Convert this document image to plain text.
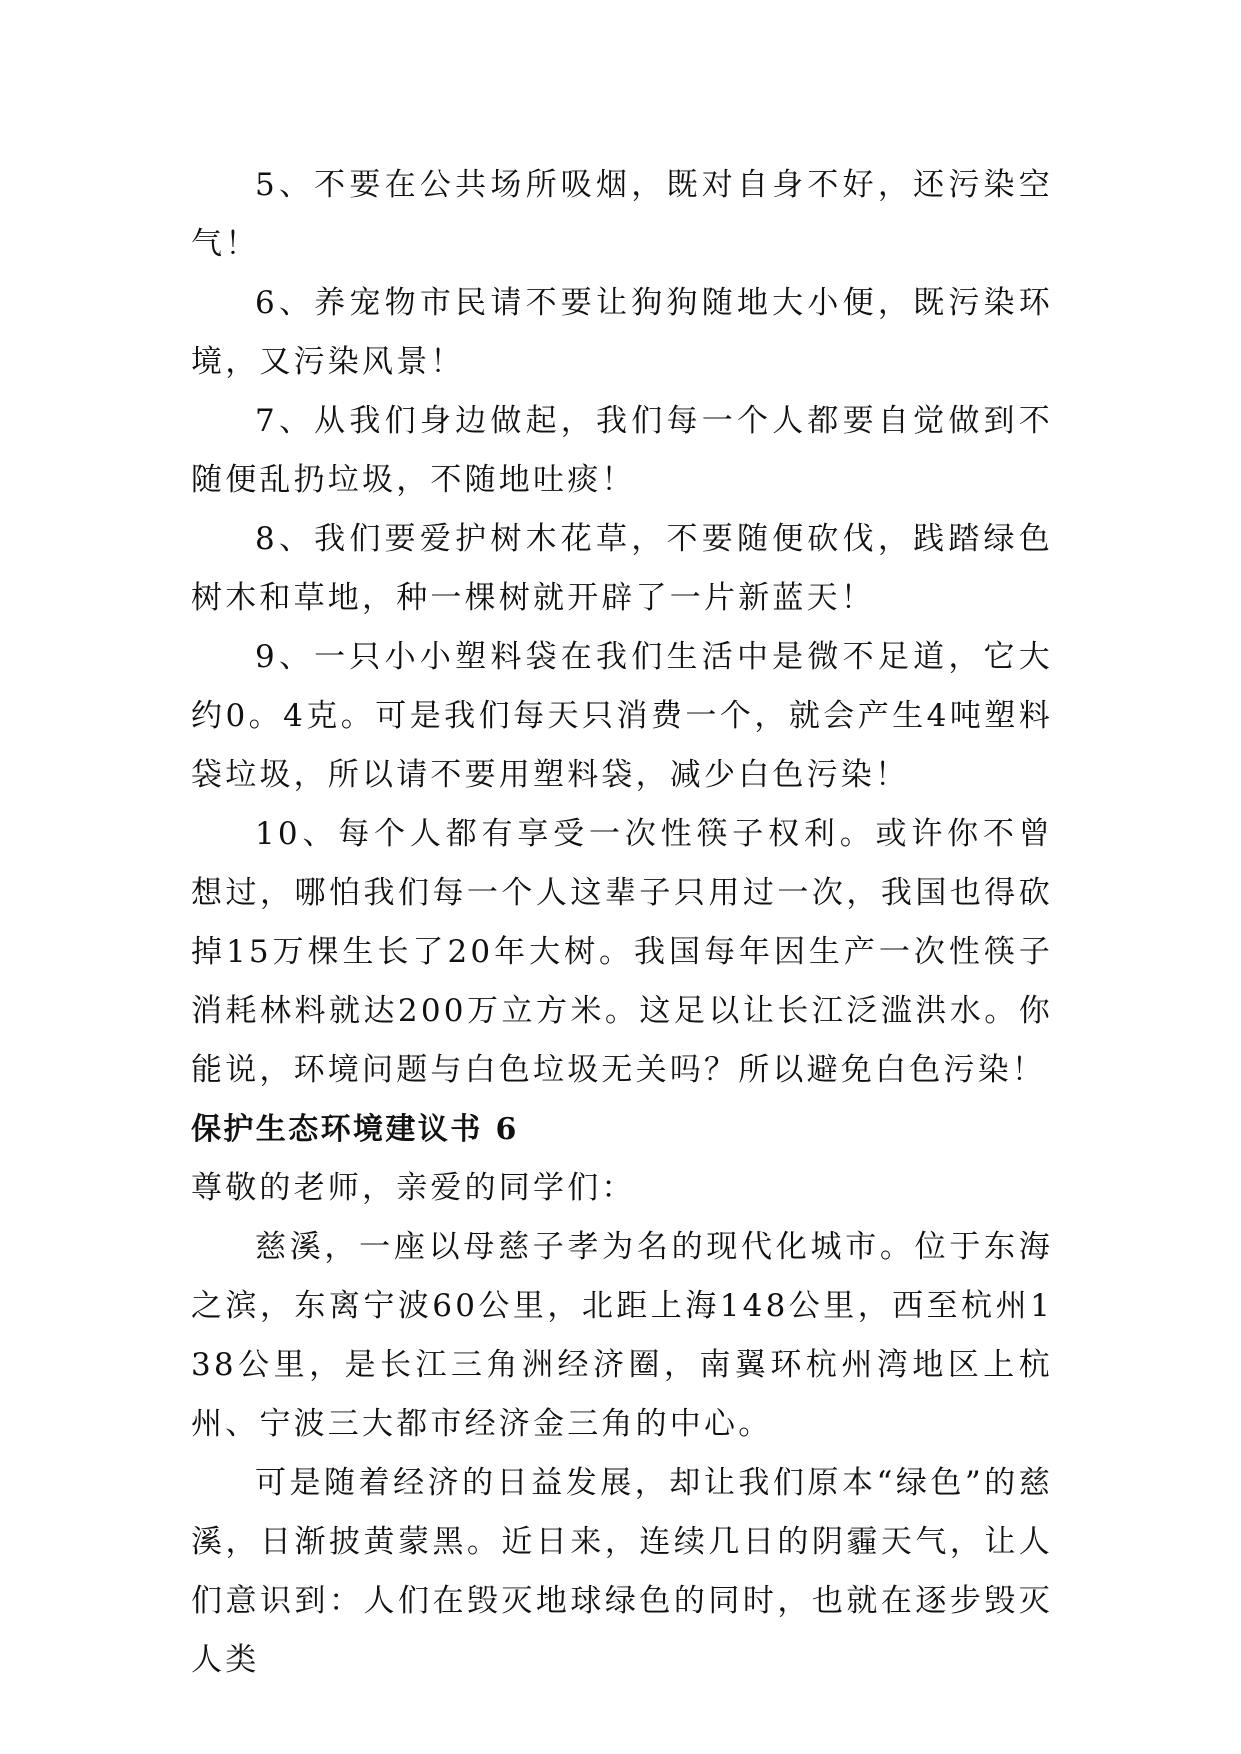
5、不要在公共场所吸烟，既对自身不好，还污染空气！

6、养宠物市民请不要让狗狗随地大小便，既污染环境，又污染风景！

7、从我们身边做起，我们每一个人都要自觉做到不随便乱扔垃圾，不随地吐痰！

8、我们要爱护树木花草，不要随便砍伐，践踏绿色树木和草地，种一棵树就开辟了一片新蓝天！

9、一只小小塑料袋在我们生活中是微不足道，它大约0。4克。可是我们每天只消费一个，就会产生4吨塑料袋垃圾，所以请不要用塑料袋，减少白色污染！

10、每个人都有享受一次性筷子权利。或许你不曾想过，哪怕我们每一个人这辈子只用过一次，我国也得砍掉15万棵生长了20年大树。我国每年因生产一次性筷子消耗林料就达200万立方米。这足以让长江泛滥洪水。你能说，环境问题与白色垃圾无关吗？所以避免白色污染！

保护生态环境建议书 6

尊敬的老师，亲爱的同学们：

慈溪，一座以母慈子孝为名的现代化城市。位于东海之滨，东离宁波60公里，北距上海148公里，西至杭州138公里，是长江三角洲经济圈，南翼环杭州湾地区上杭州、宁波三大都市经济金三角的中心。

可是随着经济的日益发展，却让我们原本“绿色”的慈溪，日渐披黄蒙黑。近日来，连续几日的阴霾天气，让人们意识到：人们在毁灭地球绿色的同时，也就在逐步毁灭人类
